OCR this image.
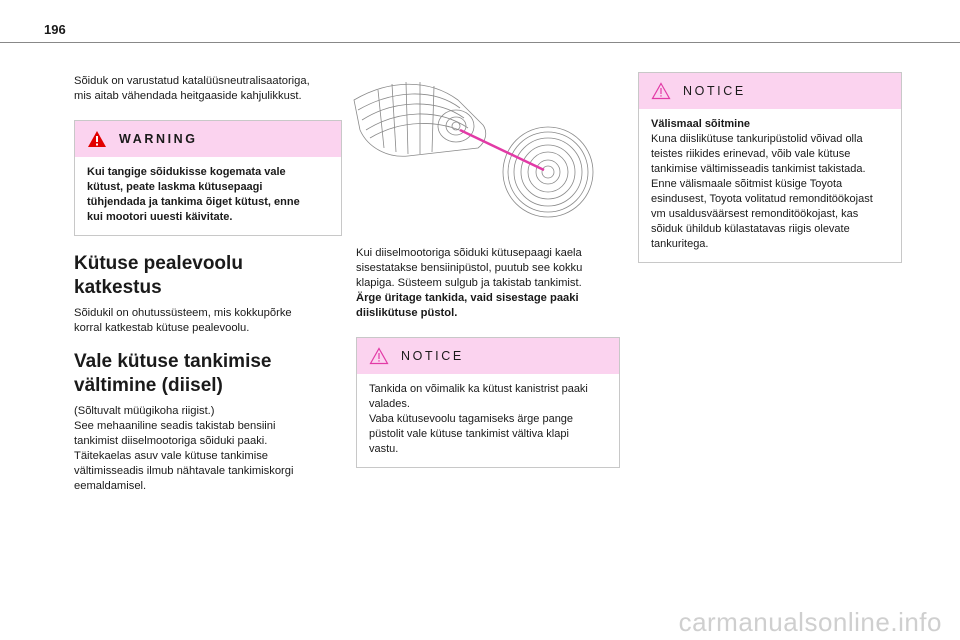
196

Sõiduk on varustatud katalüüsneutralisaatoriga,
mis aitab vähendada heitgaaside kahjulikkust.

WARNING
Kui tangige sõidukisse kogemata vale
kütust, peate laskma kütusepaagi
tühjendada ja tankima õiget kütust, enne
kui mootori uuesti käivitate.
Kütuse pealevoolu
katkestus

Sõidukil on ohutussüsteem, mis kokkupõrke
korral katkestab kütuse pealevoolu.

Vale kütuse tankimise
vältimine (diisel)

(Sõltuvalt müügikoha riigist.)
See mehaaniline seadis takistab bensiini
tankimist diiselmootoriga sõiduki paaki.
Täitekaelas asuv vale kütuse tankimise
vältimisseadis ilmub nähtavale tankimiskorgi
eemaldamisel.

Kui diiselmootoriga sõiduki kütusepaagi kaela
sisestatakse bensiinipüstol, puutub see kokku
klapiga. Süsteem sulgub ja takistab tankimist.

Ärge üritage tankida, vaid sisestage paaki
diislikütuse püstol.

NOTICE
Tankida on võimalik ka kütust kanistrist paaki
valades.
Vaba kütusevoolu tagamiseks ärge pange
püstolit vale kütuse tankimist vältiva klapi
vastu.
NOTICE
Välismaal sõitmine
Kuna diislikütuse tankuripüstolid võivad olla
teistes riikides erinevad, võib vale kütuse
tankimise vältimisseadis tankimist takistada.
Enne välismaale sõitmist küsige Toyota
esindusest, Toyota volitatud remonditöökojast
vm usaldusväärsest remonditöökojast, kas
sõiduk ühildub külastatavas riigis olevate
tankuritega.
carmanualsonline.info
